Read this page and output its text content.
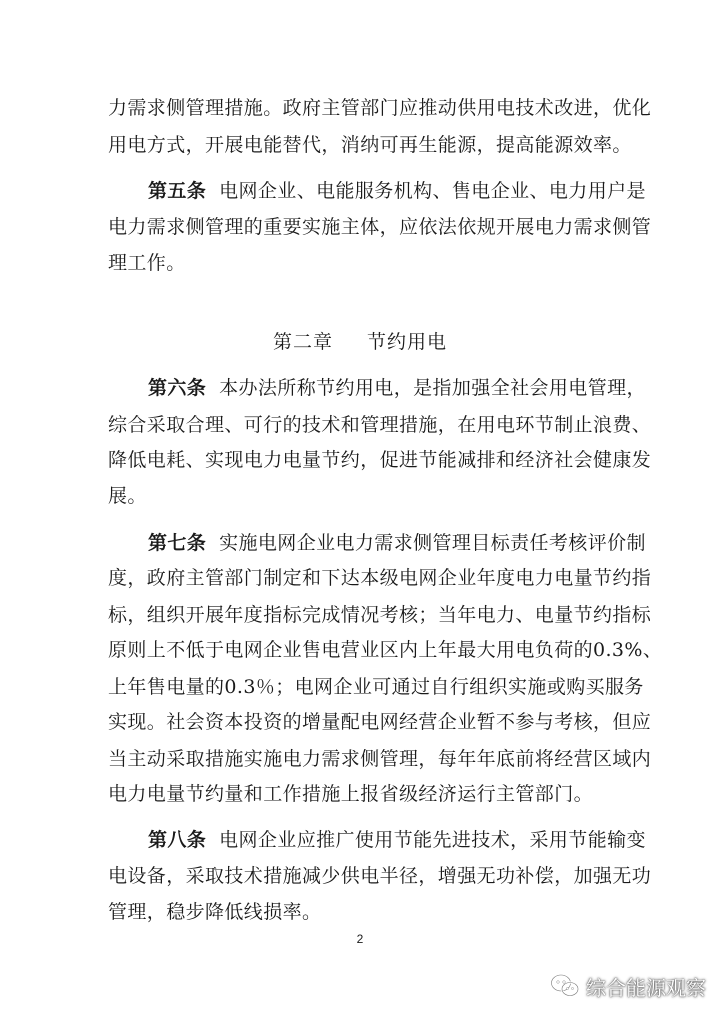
力需求侧管理措施。政府主管部门应推动供用电技术改进，优化
用电方式，开展电能替代，消纳可再生能源，提高能源效率。
第五条 电网企业、电能服务机构、售电企业、电力用户是
电力需求侧管理的重要实施主体，应依法依规开展电力需求侧管
理工作。
第二章 节约用电
第六条 本办法所称节约用电，是指加强全社会用电管理，
综合采取合理、可行的技术和管理措施，在用电环节制止浪费、
降低电耗、实现电力电量节约，促进节能减排和经济社会健康发
展。
第七条 实施电网企业电力需求侧管理目标责任考核评价制
度，政府主管部门制定和下达本级电网企业年度电力电量节约指
标，组织开展年度指标完成情况考核；当年电力、电量节约指标
原则上不低于电网企业售电营业区内上年最大用电负荷的0.3%、
上年售电量的0.3％；电网企业可通过自行组织实施或购买服务
实现。社会资本投资的增量配电网经营企业暂不参与考核，但应
当主动采取措施实施电力需求侧管理，每年年底前将经营区域内
电力电量节约量和工作措施上报省级经济运行主管部门。
第八条 电网企业应推广使用节能先进技术，采用节能输变
电设备，采取技术措施减少供电半径，增强无功补偿，加强无功
管理，稳步降低线损率。
2
综合能源观察
